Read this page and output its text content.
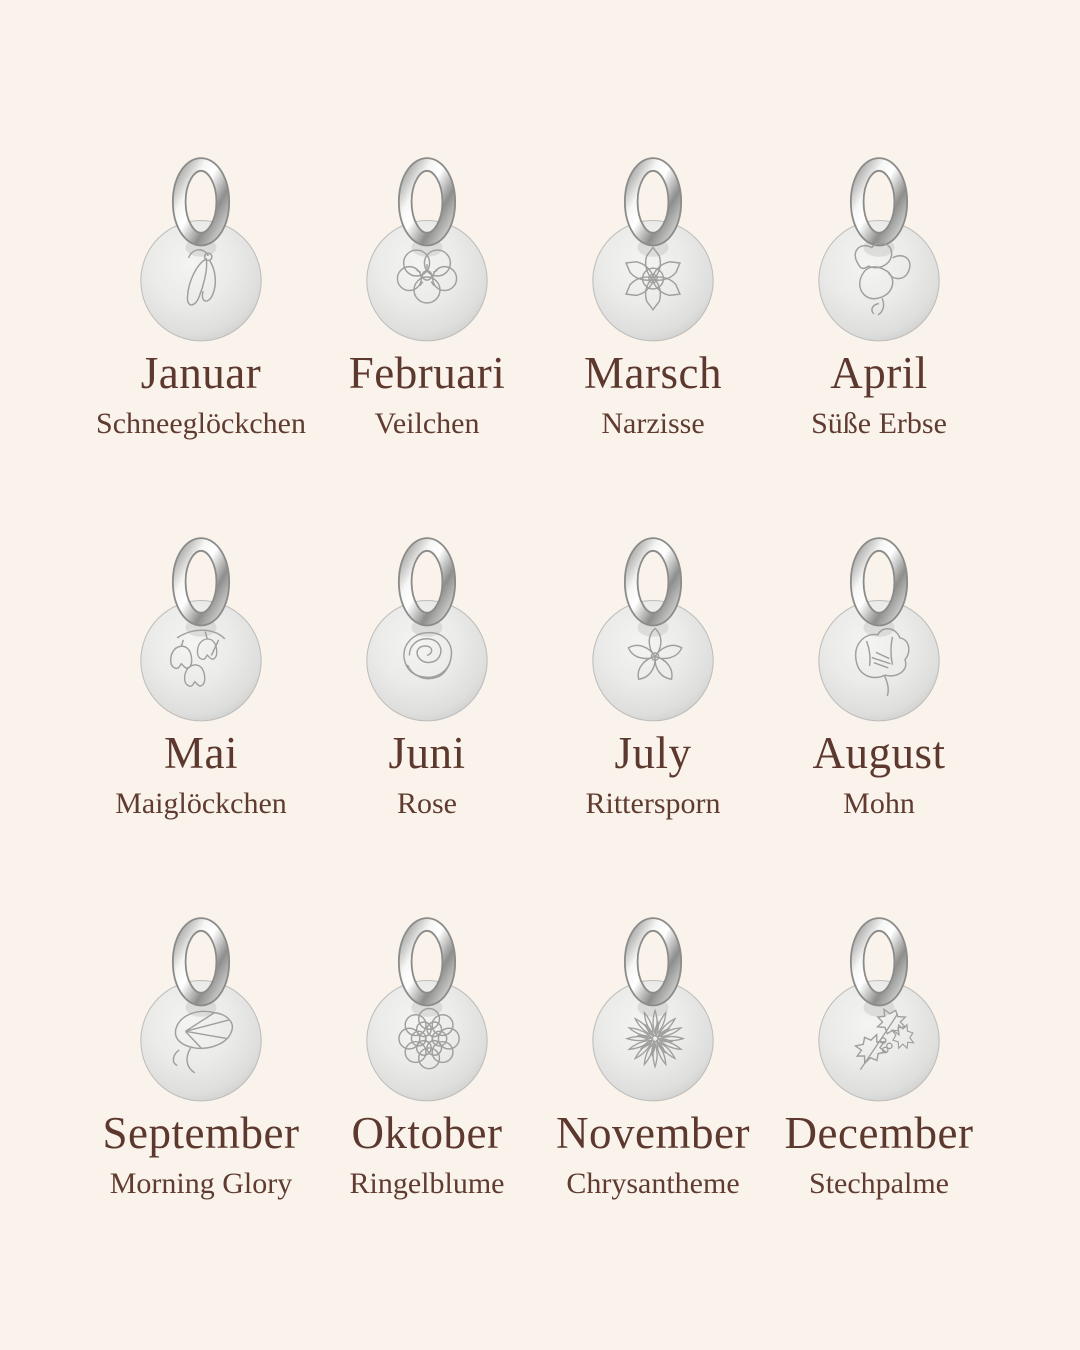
Januar
Schneeglöckchen
Februari
Veilchen
Marsch
Narzisse
April
Süße Erbse
Mai
Maiglöckchen
Juni
Rose
July
Rittersporn
August
Mohn
September
Morning Glory
Oktober
Ringelblume
November
Chrysantheme
December
Stechpalme
